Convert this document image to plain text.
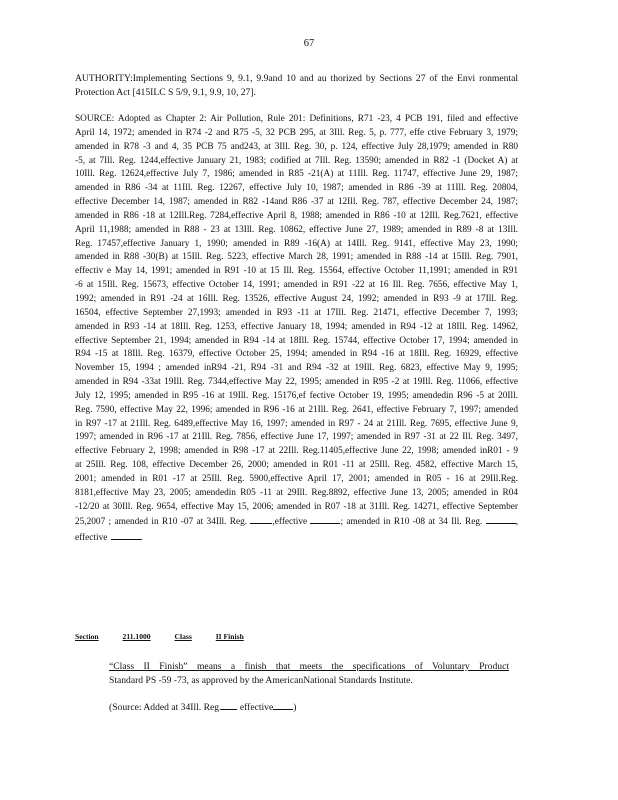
67
AUTHORITY:Implementing Sections 9, 9.1, 9.9and 10 and au thorized by Sections 27 of the Envi ronmental Protection Act [415ILC S 5/9, 9.1, 9.9, 10, 27].
SOURCE: Adopted as Chapter 2: Air Pollution, Rule 201: Definitions, R71 -23, 4 PCB 191, filed and effective April 14, 1972; amended in R74 -2 and R75 -5, 32 PCB 295, at 3Ill. Reg. 5, p. 777, effe ctive February 3, 1979; amended in R78 -3 and 4, 35 PCB 75 and243, at 3Ill. Reg. 30, p. 124, effective July 28,1979; amended in R80 -5, at 7Ill. Reg. 1244,effective January 21, 1983; codified at 7Ill. Reg. 13590; amended in R82 -1 (Docket A) at 10Ill. Reg. 12624,effective July 7, 1986; amended in R85 -21(A) at 11Ill. Reg. 11747, effective June 29, 1987; amended in R86 -34 at 11Ill. Reg. 12267, effective July 10, 1987; amended in R86 -39 at 11Ill. Reg. 20804, effective December 14, 1987; amended in R82 -14and R86 -37 at 12Ill. Reg. 787, effective December 24, 1987; amended in R86 -18 at 12Ill.Reg. 7284,effective April 8, 1988; amended in R86 -10 at 12Ill. Reg.7621, effective April 11,1988; amended in R88 - 23 at 13Ill. Reg. 10862, effective June 27, 1989; amended in R89 -8 at 13Ill. Reg. 17457,effective January 1, 1990; amended in R89 -16(A) at 14Ill. Reg. 9141, effective May 23, 1990; amended in R88 -30(B) at 15Ill. Reg. 5223, effective March 28, 1991; amended in R88 -14 at 15Ill. Reg. 7901, effectiv e May 14, 1991; amended in R91 -10 at 15 Ill. Reg. 15564, effective October 11,1991; amended in R91 -6 at 15Ill. Reg. 15673, effective October 14, 1991; amended in R91 -22 at 16 Ill. Reg. 7656, effective May 1, 1992; amended in R91 -24 at 16Ill. Reg. 13526, effective August 24, 1992; amended in R93 -9 at 17Ill. Reg. 16504, effective September 27,1993; amended in R93 -11 at 17Ill. Reg. 21471, effective December 7, 1993; amended in R93 -14 at 18Ill. Reg. 1253, effective January 18, 1994; amended in R94 -12 at 18Ill. Reg. 14962, effective September 21, 1994; amended in R94 -14 at 18Ill. Reg. 15744, effective October 17, 1994; amended in R94 -15 at 18Ill. Reg. 16379, effective October 25, 1994; amended in R94 -16 at 18Ill. Reg. 16929, effective November 15, 1994 ; amended inR94 -21, R94 -31 and R94 -32 at 19Ill. Reg. 6823, effective May 9, 1995; amended in R94 -33at 19Ill. Reg. 7344,effective May 22, 1995; amended in R95 -2 at 19Ill. Reg. 11066, effective July 12, 1995; amended in R95 -16 at 19Ill. Reg. 15176,ef fective October 19, 1995; amendedin R96 -5 at 20Ill. Reg. 7590, effective May 22, 1996; amended in R96 -16 at 21Ill. Reg. 2641, effective February 7, 1997; amended in R97 -17 at 21Ill. Reg. 6489,effective May 16, 1997; amended in R97 - 24 at 21Ill. Reg. 7695, effective June 9, 1997; amended in R96 -17 at 21Ill. Reg. 7856, effective June 17, 1997; amended in R97 -31 at 22 Ill. Reg. 3497, effective February 2, 1998; amended in R98 -17 at 22Ill. Reg.11405,effective June 22, 1998; amended inR01 - 9 at 25Ill. Reg. 108, effective December 26, 2000; amended in R01 -11 at 25Ill. Reg. 4582, effective March 15, 2001; amended in R01 -17 at 25Ill. Reg. 5900,effective April 17, 2001; amended in R05 - 16 at 29Ill.Reg. 8181,effective May 23, 2005; amendedin R05 -11 at 29Ill. Reg.8892, effective June 13, 2005; amended in R04 -12/20 at 30Ill. Reg. 9654, effective May 15, 2006; amended in R07 -18 at 31Ill. Reg. 14271, effective September 25,2007 ; amended in R10 -07 at 34Ill. Reg.	,effective	; amended in R10 -08 at 34 Ill. Reg.	, effective	.
Section	211.1000	Class	II Finish
“Class II Finish” means a finish that meets the specifications of Voluntary Product
Standard PS -59 -73, as approved by the AmericanNational Standards Institute.
(Source: Added at 34Ill. Reg. effective )
